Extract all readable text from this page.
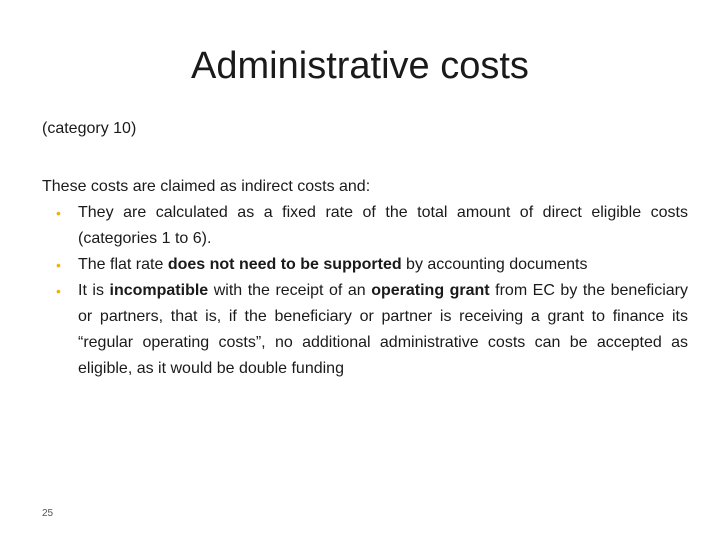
Administrative costs
(category 10)

These costs are claimed as indirect costs and:

• They are calculated as a fixed rate of the total amount of direct eligible costs (categories 1 to 6).
• The flat rate does not need to be supported by accounting documents
• It is incompatible with the receipt of an operating grant from EC by the beneficiary or partners, that is, if the beneficiary or partner is receiving a grant to finance its “regular operating costs”, no additional administrative costs can be accepted as eligible, as it would be double funding
25
